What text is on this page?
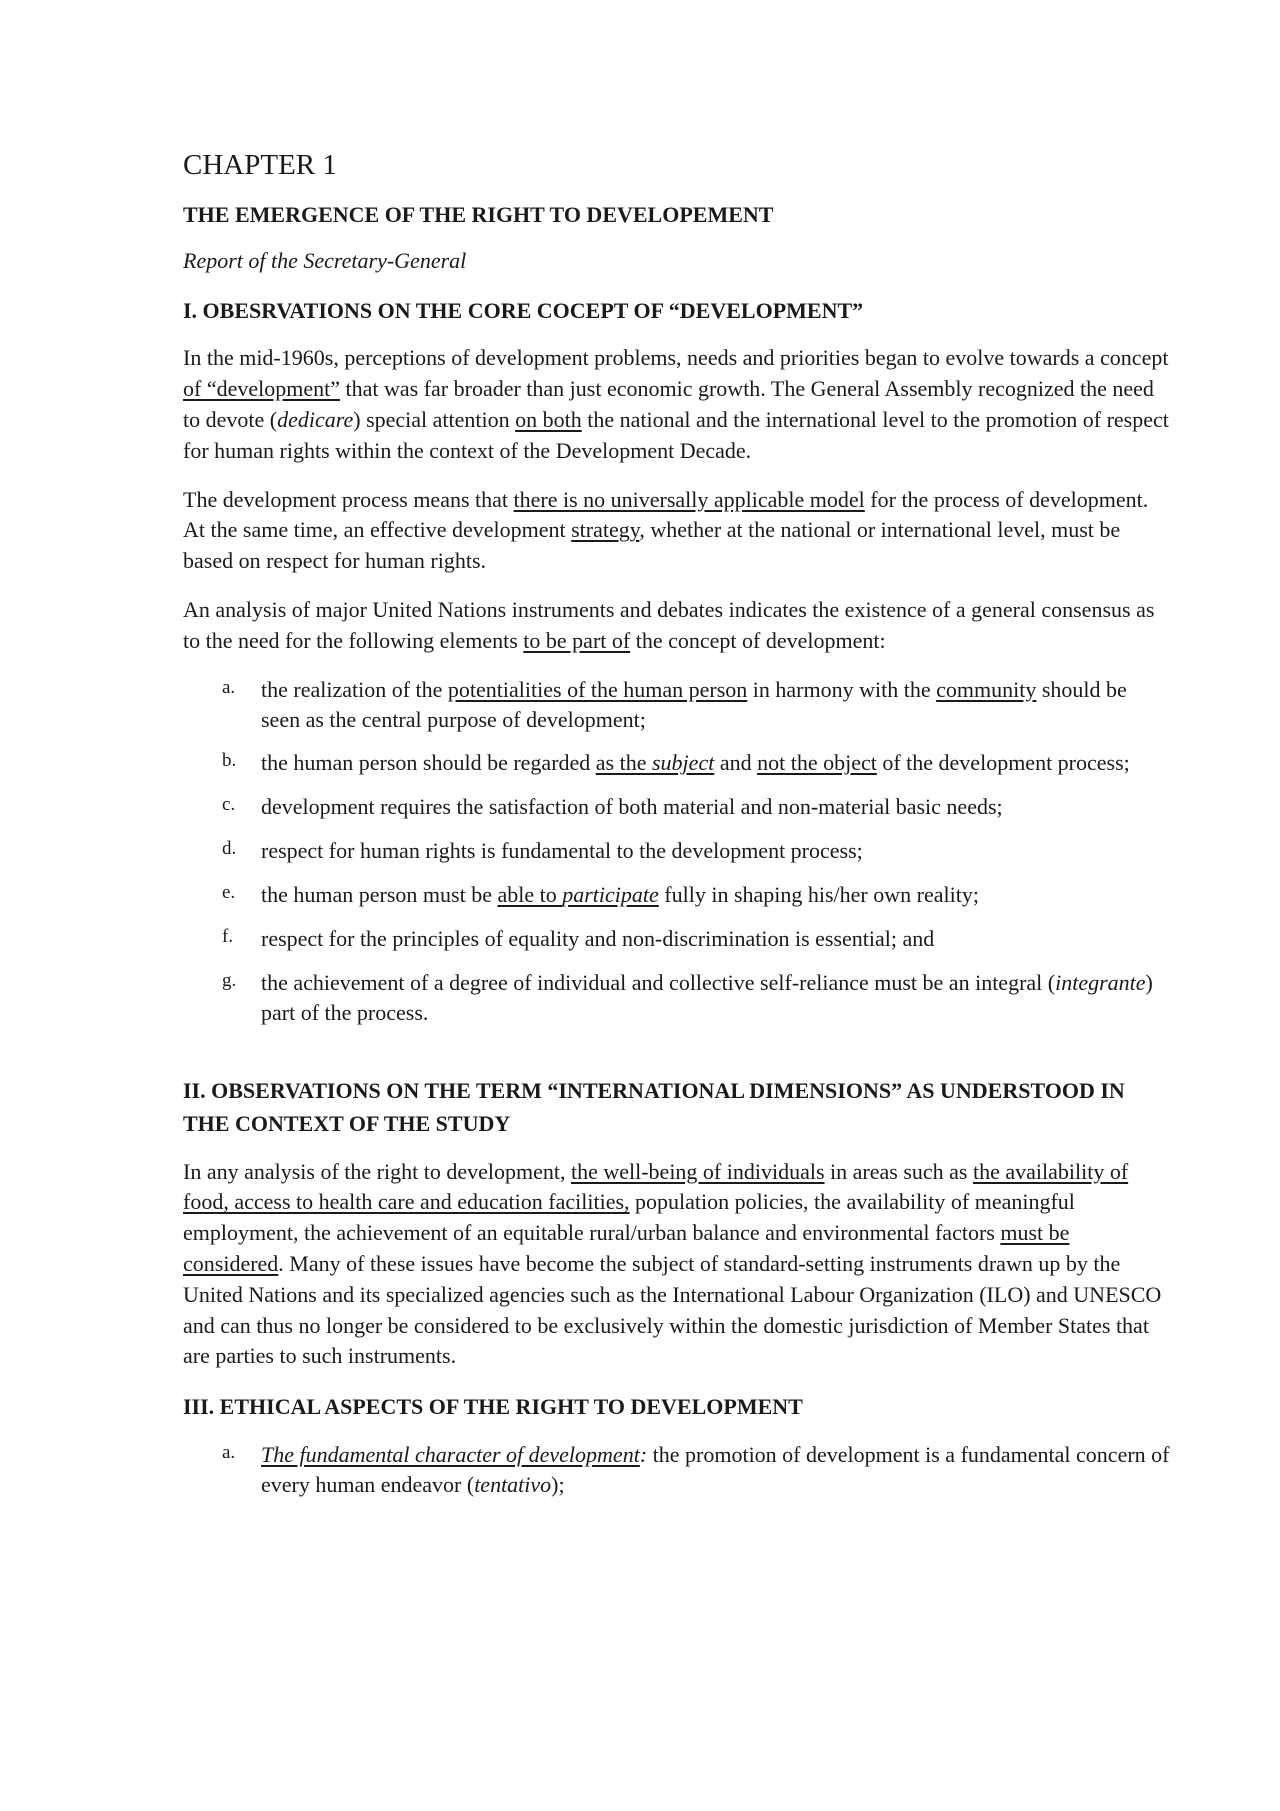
CHAPTER 1
THE EMERGENCE OF THE RIGHT TO DEVELOPEMENT
Report of the Secretary-General
I. OBESRVATIONS ON THE CORE COCEPT OF “DEVELOPMENT”

In the mid-1960s, perceptions of development problems, needs and priorities began to evolve towards a concept of “development” that was far broader than just economic growth. The General Assembly recognized the need to devote (dedicare) special attention on both the national and the international level to the promotion of respect for human rights within the context of the Development Decade.

The development process means that there is no universally applicable model for the process of development. At the same time, an effective development strategy, whether at the national or international level, must be based on respect for human rights.

An analysis of major United Nations instruments and debates indicates the existence of a general consensus as to the need for the following elements to be part of the concept of development:

a. the realization of the potentialities of the human person in harmony with the community should be seen as the central purpose of development;
b. the human person should be regarded as the subject and not the object of the development process;
c. development requires the satisfaction of both material and non-material basic needs;
d. respect for human rights is fundamental to the development process;
e. the human person must be able to participate fully in shaping his/her own reality;
f. respect for the principles of equality and non-discrimination is essential; and
g. the achievement of a degree of individual and collective self-reliance must be an integral (integrante) part of the process.
II. OBSERVATIONS ON THE TERM “INTERNATIONAL DIMENSIONS” AS UNDERSTOOD IN THE CONTEXT OF THE STUDY

In any analysis of the right to development, the well-being of individuals in areas such as the availability of food, access to health care and education facilities, population policies, the availability of meaningful employment, the achievement of an equitable rural/urban balance and environmental factors must be considered. Many of these issues have become the subject of standard-setting instruments drawn up by the United Nations and its specialized agencies such as the International Labour Organization (ILO) and UNESCO and can thus no longer be considered to be exclusively within the domestic jurisdiction of Member States that are parties to such instruments.

III. ETHICAL ASPECTS OF THE RIGHT TO DEVELOPMENT
a. The fundamental character of development: the promotion of development is a fundamental concern of every human endeavor (tentativo);
